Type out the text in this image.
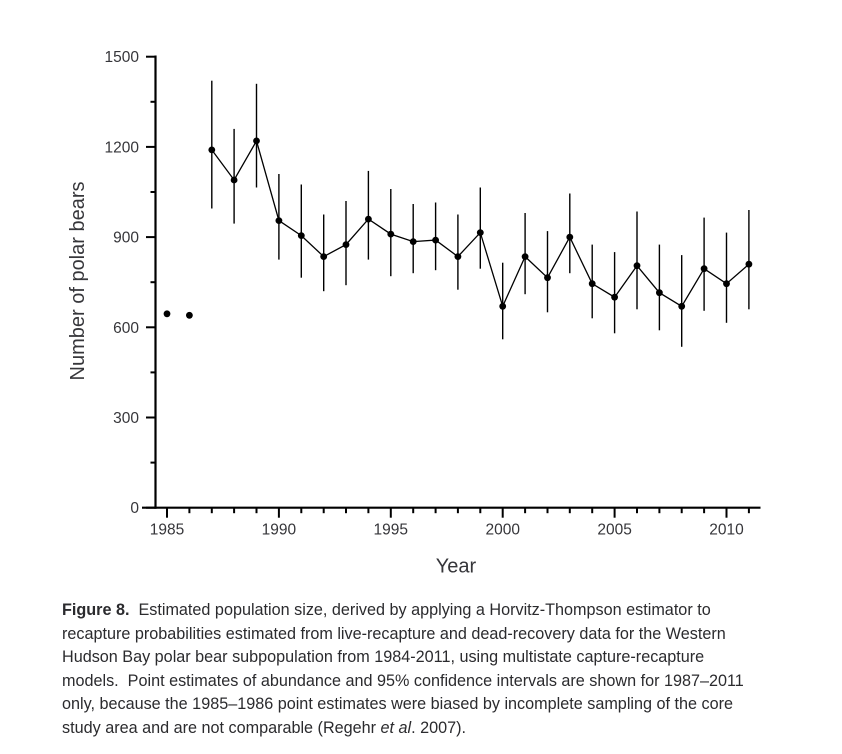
0
300
600
900
1200
1500
1985	1990	1995	2000	2005	2010
Year
Number of polar bears

Figure 8.  Estimated population size, derived by applying a Horvitz-Thompson estimator to

recapture probabilities estimated from live-recapture and dead-recovery data for the Western

Hudson Bay polar bear subpopulation from 1984-2011, using multistate capture-recapture

models.  Point estimates of abundance and 95% confidence intervals are shown for 1987–2011

only, because the 1985–1986 point estimates were biased by incomplete sampling of the core

study area and are not comparable (Regehr et al. 2007).
